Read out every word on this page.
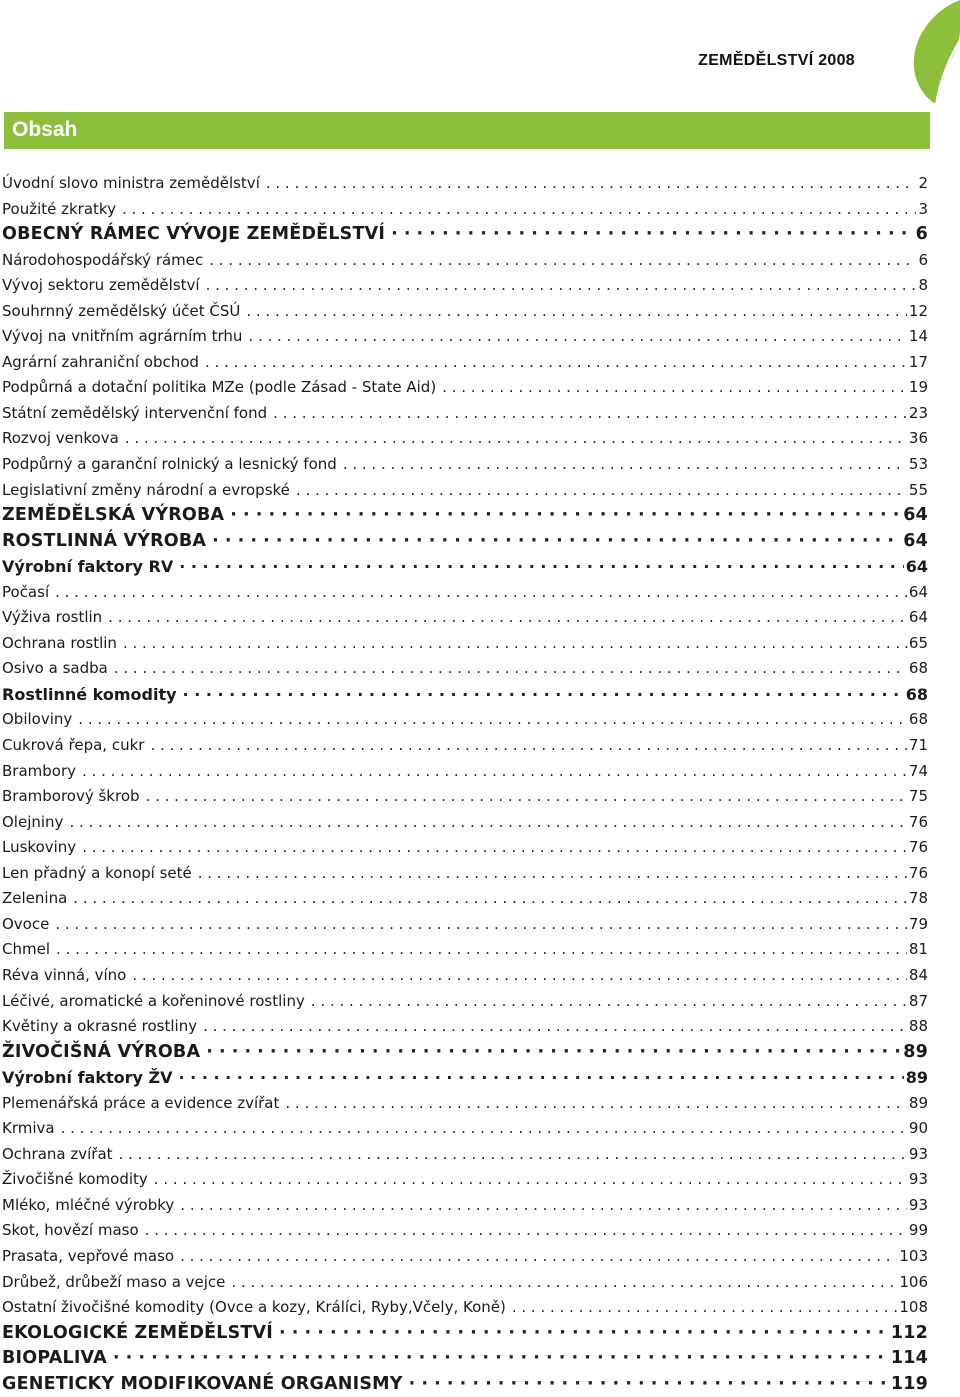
ZEMĚDĚLSTVÍ 2008
Obsah
Úvodní slovo ministra zemědělství . . .	2
Použité zkratky . . .	3
OBECNÝ RÁMEC VÝVOJE ZEMĚDĚLSTVÍ · · ·	6
Národohospodářský rámec . . .	6
Vývoj sektoru zemědělství . . .	8
Souhrnný zemědělský účet ČSÚ . . .	12
Vývoj na vnitřním agrárním trhu . . .	14
Agrární zahraniční obchod . . .	17
Podpůrná a dotační politika MZe (podle Zásad - State Aid) . . .	19
Státní zemědělský intervenční fond . . .	23
Rozvoj venkova . . .	36
Podpůrný a garanční rolnický a lesnický fond . . .	53
Legislativní změny národní a evropské . . .	55
ZEMĚDĚLSKÁ VÝROBA · · ·	64
ROSTLINNÁ VÝROBA · · ·	64
Výrobní faktory RV · · ·	64
Počasí . . .	64
Výživa rostlin . . .	64
Ochrana rostlin . . .	.65
Osivo a sadba . . .	68
Rostlinné komodity · · ·	68
Obiloviny . . .	68
Cukrová řepa, cukr . . .	71
Brambory . . .	74
Bramborový škrob . . .	75
Olejniny . . .	76
Luskoviny . . .	76
Len přadný a konopí seté . . .	76
Zelenina . . .	78
Ovoce . . .	79
Chmel . . .	81
Réva vinná, víno . . .	84
Léčivé, aromatické a kořeninové rostliny . . .	87
Květiny a okrasné rostliny . . .	88
ŽIVOČIŠNÁ VÝROBA · · ·	89
Výrobní faktory ŽV · · ·	89
Plemenářská práce a evidence zvířat . . .	89
Krmiva . . .	90
Ochrana zvířat . . .	93
Živočišné komodity . . .	93
Mléko, mléčné výrobky . . .	93
Skot, hovězí maso . . .	99
Prasata, vepřové maso . . .	103
Drůbež, drůbeží maso a vejce . . .	106
Ostatní živočišné komodity (Ovce a kozy, Králíci, Ryby,Včely, Koně) . . .	108
EKOLOGICKÉ ZEMĚDĚLSTVÍ · · ·	112
BIOPALIVA · · ·	114
GENETICKY MODIFIKOVANÉ ORGANISMY · · ·	119
